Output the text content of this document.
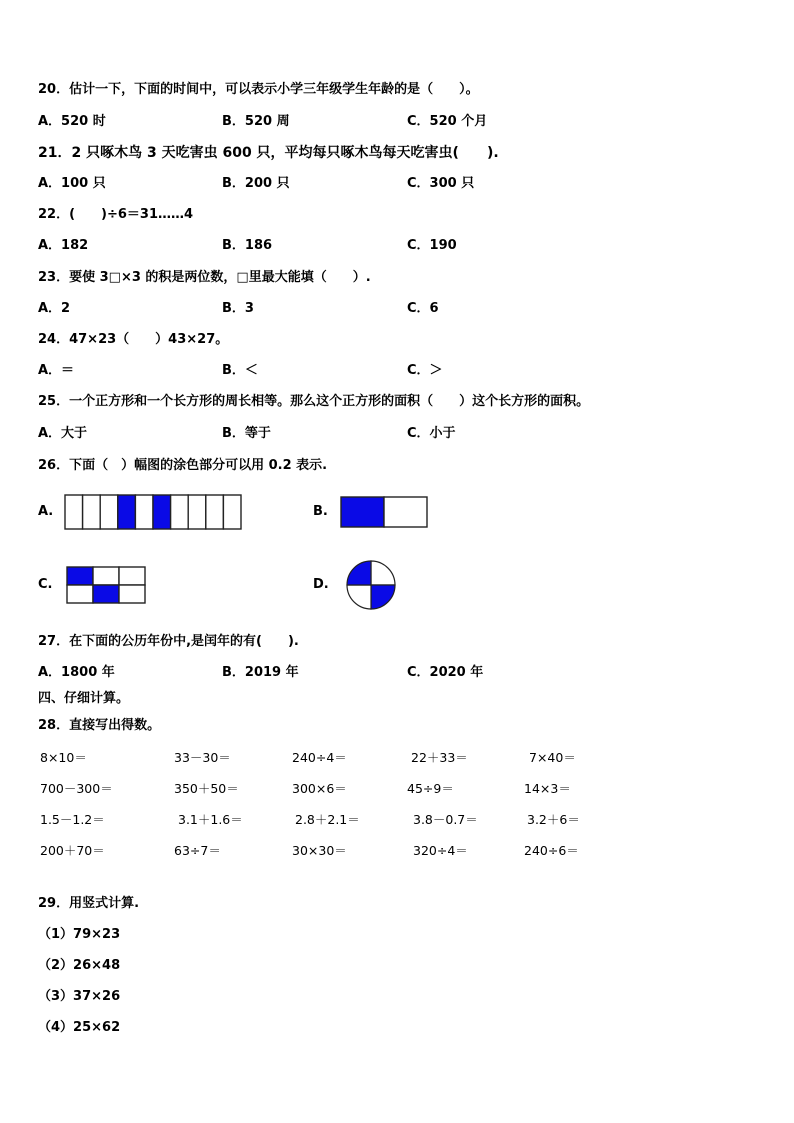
20．估计一下，下面的时间中，可以表示小学三年级学生年龄的是（　　）。
A．520 时	B．520 周	C．520 个月
21．2 只啄木鸟 3 天吃害虫 600 只，平均每只啄木鸟每天吃害虫(　　).
A．100 只	B．200 只	C．300 只
22．(　　)÷6＝31……4
A．182	B．186	C．190
23．要使 3□×3 的积是两位数，□里最大能填（　　）.
A．2	B．3	C．6
24．47×23（　　）43×27。
A．＝	B．＜	C．＞
25．一个正方形和一个长方形的周长相等。那么这个正方形的面积（　　）这个长方形的面积。
A．大于	B．等于	C．小于
26．下面（　）幅图的涂色部分可以用 0.2 表示.
A.	B.
C.	D.
27．在下面的公历年份中,是闰年的有(　　).
A．1800 年	B．2019 年	C．2020 年
四、仔细计算。
28．直接写出得数。
8×10＝	33－30＝	240÷4＝	22＋33＝	7×40＝
700－300＝	350＋50＝	300×6＝	45÷9＝	14×3＝
1.5－1.2＝	3.1＋1.6＝	2.8＋2.1＝	3.8－0.7＝	3.2＋6＝
200＋70＝	63÷7＝	30×30＝	320÷4＝	240÷6＝
29．用竖式计算.
（1）79×23
（2）26×48
（3）37×26
（4）25×62
